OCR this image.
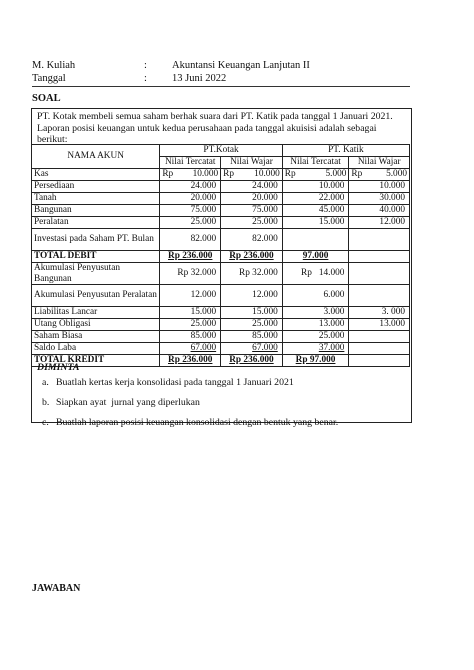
M. Kuliah	: Akuntansi Keuangan Lanjutan II
Tanggal	: 13 Juni 2022
SOAL
PT. Kotak membeli semua saham berhak suara dari PT. Katik pada tanggal 1 Januari 2021. Laporan posisi keuangan untuk kedua perusahaan pada tanggal akuisisi adalah sebagai berikut:
NAMA AKUN	PT.Kotak		PT. Katik	
	Nilai Tercatat	Nilai Wajar	Nilai Tercatat	Nilai Wajar
Kas	Rp 10.000	Rp 10.000	Rp 5.000	Rp 5.000

Persediaan	24.000	24.000	10.000	10.000
Tanah	20.000	20.000	22.000	30.000
Bangunan	75.000	75.000	45.000	40.000
Peralatan	25.000	25.000	15.000	12.000
Investasi pada Saham PT. Bulan	82.000	82.000		
TOTAL DEBIT	Rp 236.000	Rp 236.000	97.000	
Akumulasi Penyusutan Bangunan	Rp 32.000	Rp 32.000	Rp   14.000	
Akumulasi Penyusutan Peralatan	12.000	12.000	6.000	
Liabilitas Lancar	15.000	15.000	3.000	3. 000
Utang Obligasi	25.000	25.000	13.000	13.000
Saham Biasa	85.000	85.000	25.000	
Saldo Laba	67.000	67.000	37.000	
TOTAL KREDIT	Rp 236.000	Rp 236.000	Rp 97.000	
DIMINTA
a. Buatlah kertas kerja konsolidasi pada tanggal 1 Januari 2021
b. Siapkan ayat  jurnal yang diperlukan
c. Buatlah laporan posisi keuangan konsolidasi dengan bentuk yang benar.
JAWABAN
